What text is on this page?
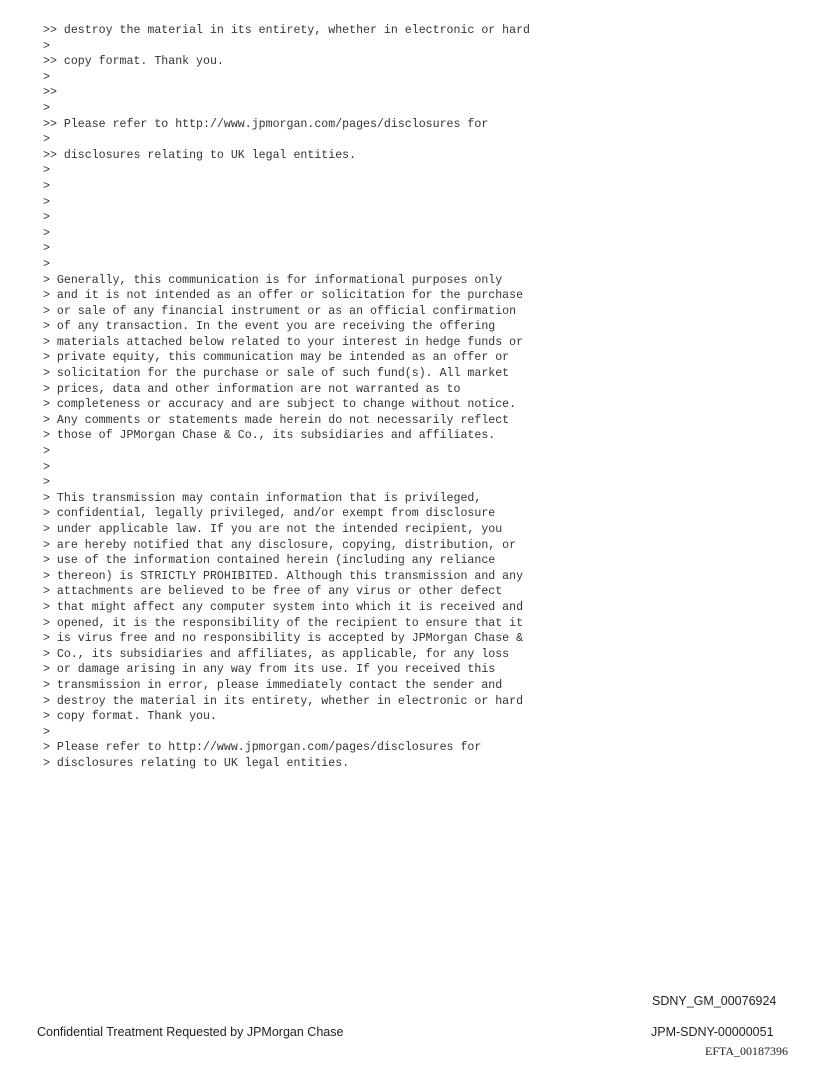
>> destroy the material in its entirety, whether in electronic or hard
>
>> copy format. Thank you.
>
>>
>
>> Please refer to http://www.jpmorgan.com/pages/disclosures for
>
>> disclosures relating to UK legal entities.
>
>
>
>
>
>
>
> Generally, this communication is for informational purposes only
> and it is not intended as an offer or solicitation for the purchase
> or sale of any financial instrument or as an official confirmation
> of any transaction. In the event you are receiving the offering
> materials attached below related to your interest in hedge funds or
> private equity, this communication may be intended as an offer or
> solicitation for the purchase or sale of such fund(s). All market
> prices, data and other information are not warranted as to
> completeness or accuracy and are subject to change without notice.
> Any comments or statements made herein do not necessarily reflect
> those of JPMorgan Chase & Co., its subsidiaries and affiliates.
>
>
>
> This transmission may contain information that is privileged,
> confidential, legally privileged, and/or exempt from disclosure
> under applicable law. If you are not the intended recipient, you
> are hereby notified that any disclosure, copying, distribution, or
> use of the information contained herein (including any reliance
> thereon) is STRICTLY PROHIBITED. Although this transmission and any
> attachments are believed to be free of any virus or other defect
> that might affect any computer system into which it is received and
> opened, it is the responsibility of the recipient to ensure that it
> is virus free and no responsibility is accepted by JPMorgan Chase &
> Co., its subsidiaries and affiliates, as applicable, for any loss
> or damage arising in any way from its use. If you received this
> transmission in error, please immediately contact the sender and
> destroy the material in its entirety, whether in electronic or hard
> copy format. Thank you.
>
> Please refer to http://www.jpmorgan.com/pages/disclosures for
> disclosures relating to UK legal entities.
SDNY_GM_00076924
Confidential Treatment Requested by JPMorgan Chase	JPM-SDNY-00000051
EFTA_00187396
